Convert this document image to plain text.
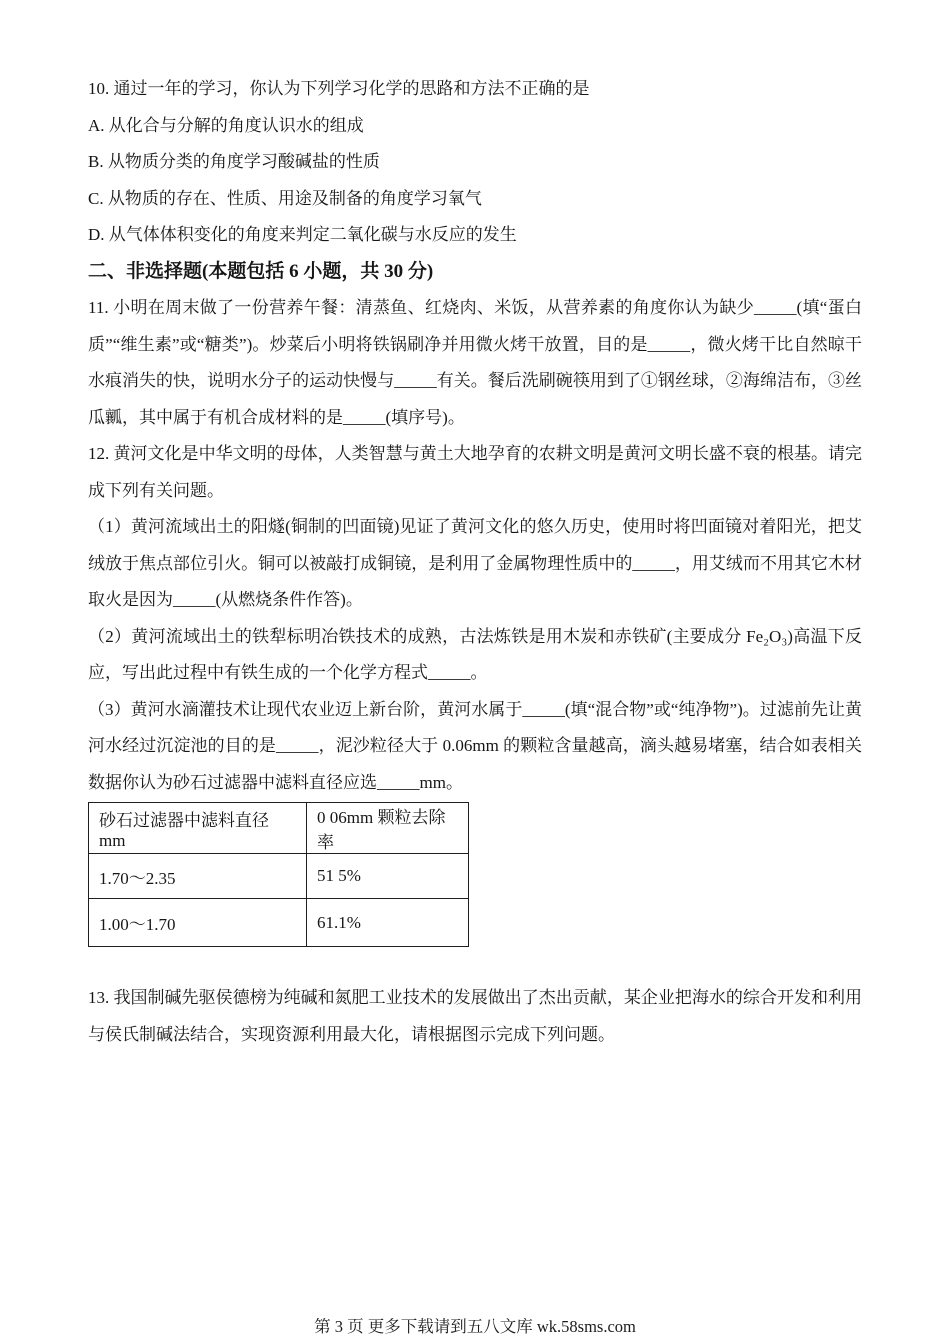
10. 通过一年的学习，你认为下列学习化学的思路和方法不正确的是

A. 从化合与分解的角度认识水的组成

B. 从物质分类的角度学习酸碱盐的性质

C. 从物质的存在、性质、用途及制备的角度学习氧气

D. 从气体体积变化的角度来判定二氧化碳与水反应的发生

二、非选择题(本题包括 6 小题，共 30 分)

11. 小明在周末做了一份营养午餐：清蒸鱼、红烧肉、米饭，从营养素的角度你认为缺少_____(填“蛋白质”“维生素”或“糖类”)。炒菜后小明将铁锅刷净并用微火烤干放置，目的是_____，微火烤干比自然晾干水痕消失的快，说明水分子的运动快慢与_____有关。餐后洗刷碗筷用到了①钢丝球，②海绵洁布，③丝瓜瓤，其中属于有机合成材料的是_____(填序号)。

12. 黄河文化是中华文明的母体，人类智慧与黄土大地孕育的农耕文明是黄河文明长盛不衰的根基。请完成下列有关问题。

（1）黄河流域出土的阳燧(铜制的凹面镜)见证了黄河文化的悠久历史，使用时将凹面镜对着阳光，把艾绒放于焦点部位引火。铜可以被敲打成铜镜，是利用了金属物理性质中的_____，用艾绒而不用其它木材取火是因为_____(从燃烧条件作答)。

（2）黄河流域出土的铁犁标明冶铁技术的成熟，古法炼铁是用木炭和赤铁矿(主要成分 Fe₂O₃)高温下反应，写出此过程中有铁生成的一个化学方程式_____。

（3）黄河水滴灌技术让现代农业迈上新台阶，黄河水属于_____(填“混合物”或“纯净物”)。过滤前先让黄河水经过沉淀池的目的是_____，泥沙粒径大于 0.06mm 的颗粒含量越高，滴头越易堵塞，结合如表相关数据你认为砂石过滤器中滤料直径应选_____mm。

砂石过滤器中滤料直径 mm	0 06mm 颗粒去除率
1.70～2.35	51 5%
1.00～1.70	61.1%

13. 我国制碱先驱侯德榜为纯碱和氮肥工业技术的发展做出了杰出贡献，某企业把海水的综合开发和利用与侯氏制碱法结合，实现资源利用最大化，请根据图示完成下列问题。

第 3 页 更多下载请到五八文库 wk.58sms.com
